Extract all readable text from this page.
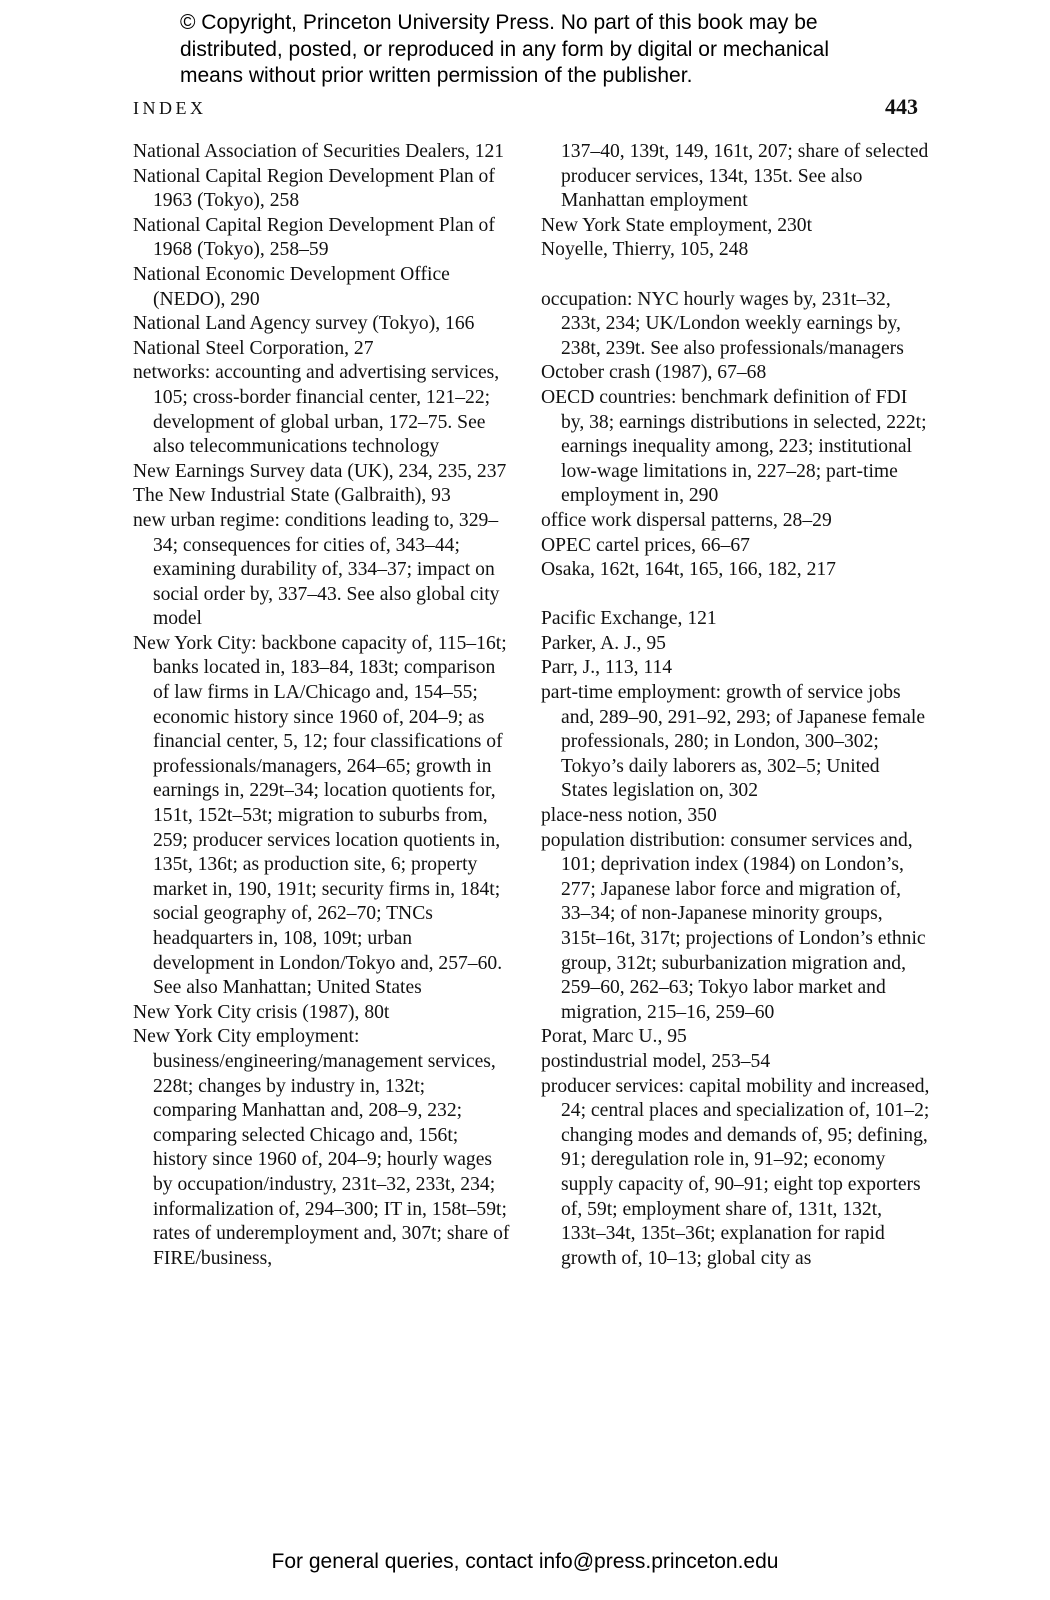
© Copyright, Princeton University Press. No part of this book may be
distributed, posted, or reproduced in any form by digital or mechanical
means without prior written permission of the publisher.
INDEX	443
National Association of Securities Dealers, 121
National Capital Region Development Plan of 1963 (Tokyo), 258
National Capital Region Development Plan of 1968 (Tokyo), 258–59
National Economic Development Office (NEDO), 290
National Land Agency survey (Tokyo), 166
National Steel Corporation, 27
networks: accounting and advertising services, 105; cross-border financial center, 121–22; development of global urban, 172–75. See also telecommunications technology
New Earnings Survey data (UK), 234, 235, 237
The New Industrial State (Galbraith), 93
new urban regime: conditions leading to, 329–34; consequences for cities of, 343–44; examining durability of, 334–37; impact on social order by, 337–43. See also global city model
New York City: backbone capacity of, 115–16t; banks located in, 183–84, 183t; comparison of law firms in LA/Chicago and, 154–55; economic history since 1960 of, 204–9; as financial center, 5, 12; four classifications of professionals/managers, 264–65; growth in earnings in, 229t–34; location quotients for, 151t, 152t–53t; migration to suburbs from, 259; producer services location quotients in, 135t, 136t; as production site, 6; property market in, 190, 191t; security firms in, 184t; social geography of, 262–70; TNCs headquarters in, 108, 109t; urban development in London/Tokyo and, 257–60. See also Manhattan; United States
New York City crisis (1987), 80t
New York City employment: business/engineering/management services, 228t; changes by industry in, 132t; comparing Manhattan and, 208–9, 232; comparing selected Chicago and, 156t; history since 1960 of, 204–9; hourly wages by occupation/industry, 231t–32, 233t, 234; informalization of, 294–300; IT in, 158t–59t; rates of underemployment and, 307t; share of FIRE/business,
137–40, 139t, 149, 161t, 207; share of selected producer services, 134t, 135t. See also Manhattan employment
New York State employment, 230t
Noyelle, Thierry, 105, 248
occupation: NYC hourly wages by, 231t–32, 233t, 234; UK/London weekly earnings by, 238t, 239t. See also professionals/managers
October crash (1987), 67–68
OECD countries: benchmark definition of FDI by, 38; earnings distributions in selected, 222t; earnings inequality among, 223; institutional low-wage limitations in, 227–28; part-time employment in, 290
office work dispersal patterns, 28–29
OPEC cartel prices, 66–67
Osaka, 162t, 164t, 165, 166, 182, 217
Pacific Exchange, 121
Parker, A. J., 95
Parr, J., 113, 114
part-time employment: growth of service jobs and, 289–90, 291–92, 293; of Japanese female professionals, 280; in London, 300–302; Tokyo’s daily laborers as, 302–5; United States legislation on, 302
place-ness notion, 350
population distribution: consumer services and, 101; deprivation index (1984) on London’s, 277; Japanese labor force and migration of, 33–34; of non-Japanese minority groups, 315t–16t, 317t; projections of London’s ethnic group, 312t; suburbanization migration and, 259–60, 262–63; Tokyo labor market and migration, 215–16, 259–60
Porat, Marc U., 95
postindustrial model, 253–54
producer services: capital mobility and increased, 24; central places and specialization of, 101–2; changing modes and demands of, 95; defining, 91; deregulation role in, 91–92; economy supply capacity of, 90–91; eight top exporters of, 59t; employment share of, 131t, 132t, 133t–34t, 135t–36t; explanation for rapid growth of, 10–13; global city as
For general queries, contact info@press.princeton.edu
